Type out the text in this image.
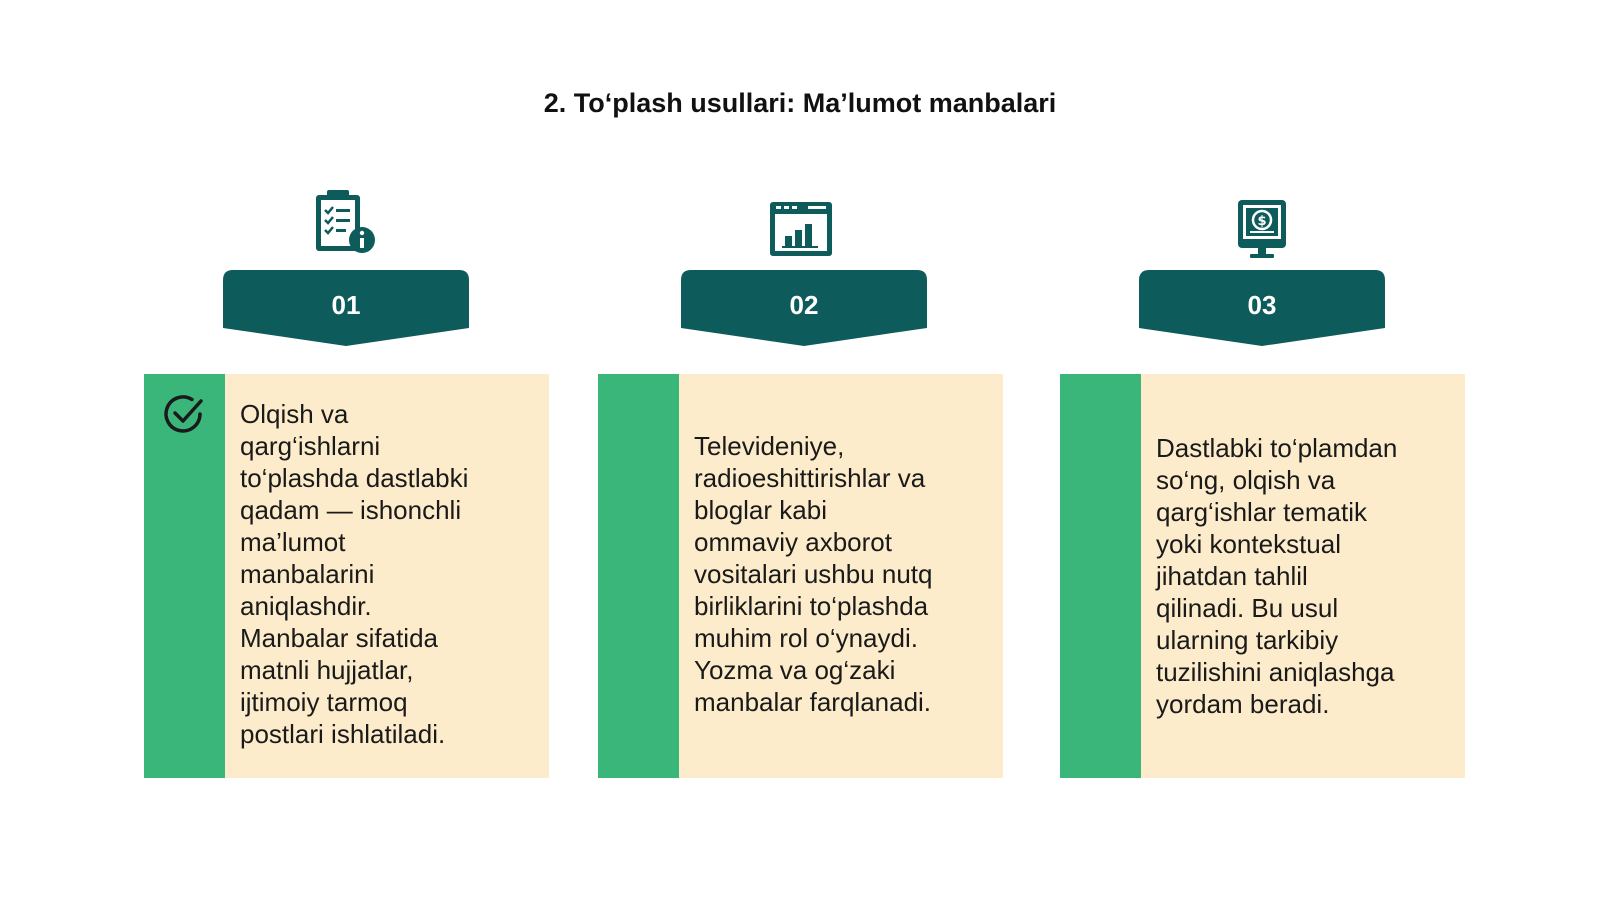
2. To‘plash usullari: Ma’lumot manbalari
01
Olqish va
qarg‘ishlarni
to‘plashda dastlabki
qadam — ishonchli
ma’lumot
manbalarini
aniqlashdir.
Manbalar sifatida
matnli hujjatlar,
ijtimoiy tarmoq
postlari ishlatiladi.
02
Televideniye,
radioeshittirishlar va
bloglar kabi
ommaviy axborot
vositalari ushbu nutq
birliklarini to‘plashda
muhim rol o‘ynaydi.
Yozma va og‘zaki
manbalar farqlanadi.
$
03
Dastlabki to‘plamdan
so‘ng, olqish va
qarg‘ishlar tematik
yoki kontekstual
jihatdan tahlil
qilinadi. Bu usul
ularning tarkibiy
tuzilishini aniqlashga
yordam beradi.
